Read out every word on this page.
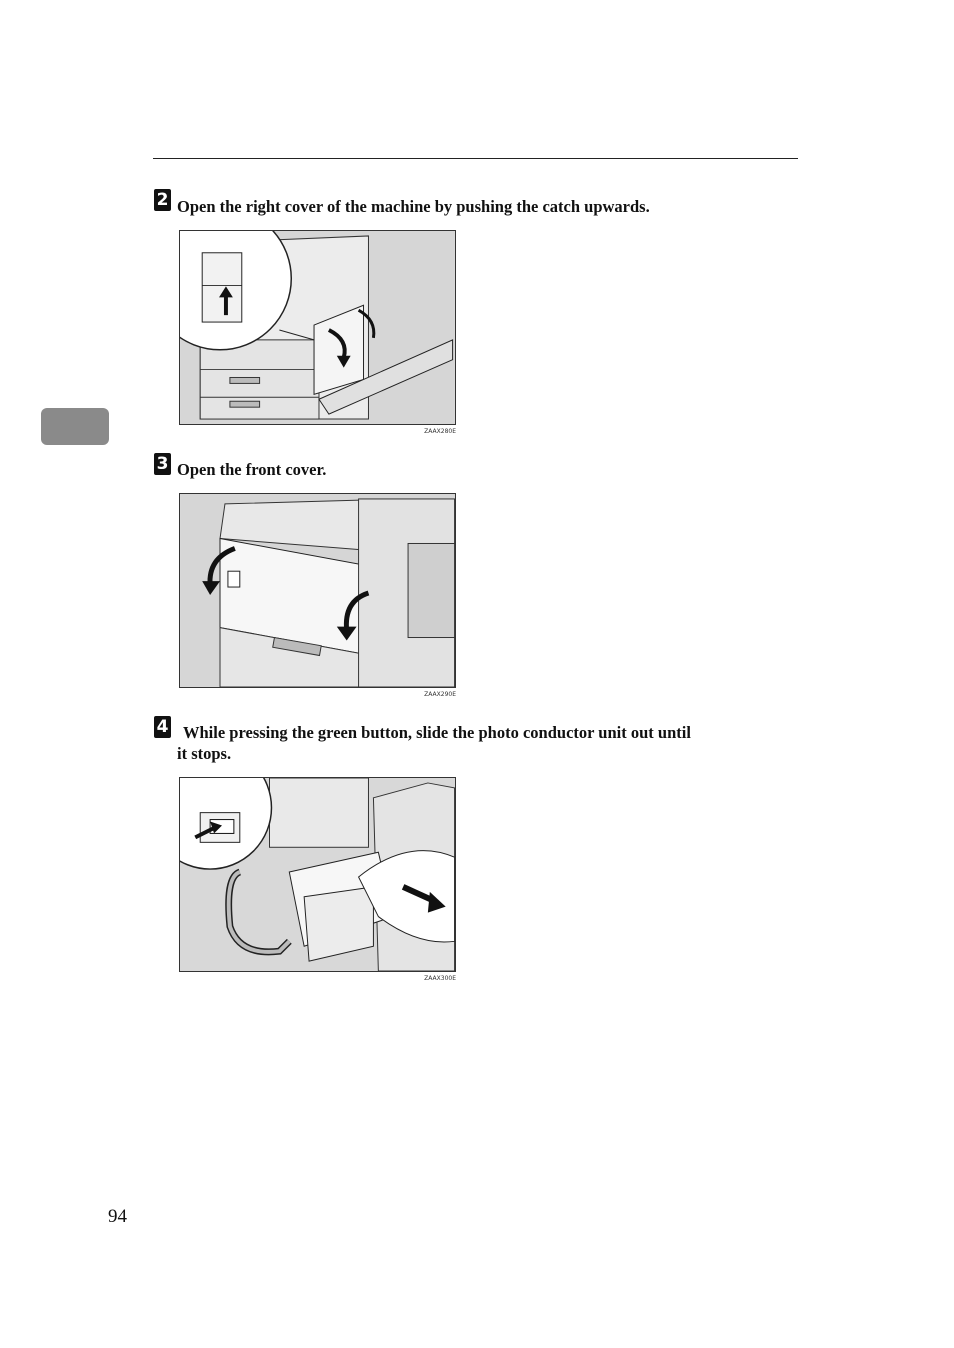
2 Open the right cover of the machine by pushing the catch upwards.
ZAAX280E
3 Open the front cover.
ZAAX290E
4 While pressing the green button, slide the photo conductor unit out until
it stops.
ZAAX300E
94
